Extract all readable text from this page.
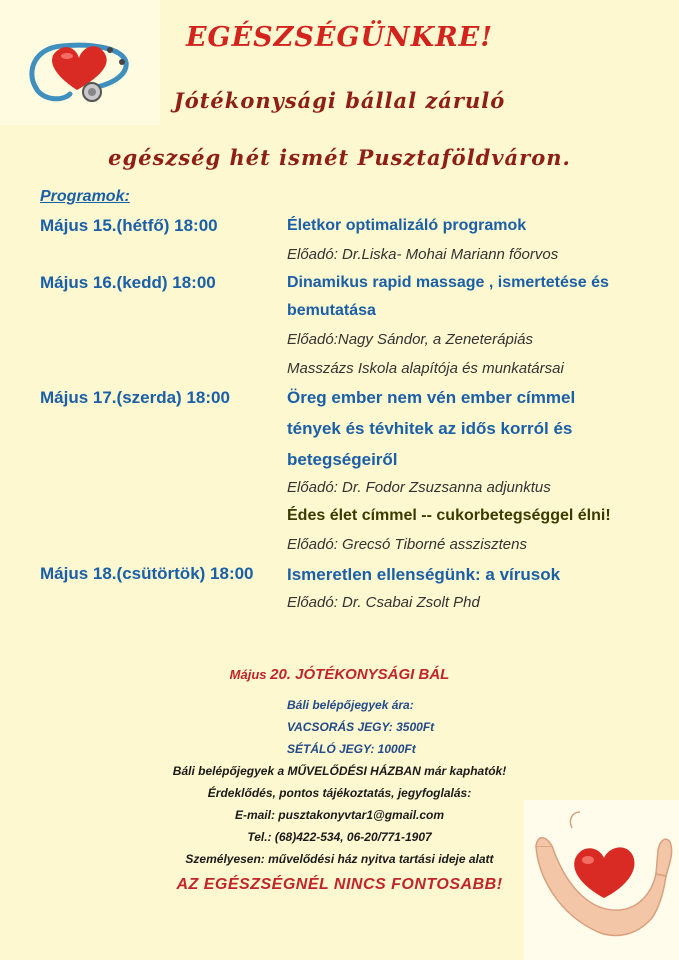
EGÉSZSÉGÜNKRE!
Jótékonysági bállal záruló
egészség hét ismét Pusztaföldváron.
Programok:
Május 15.(hétfő) 18:00	Életkor optimalizáló programok
Előadó: Dr.Liska- Mohai Mariann főorvos
Május 16.(kedd) 18:00	Dinamikus rapid massage , ismertetése és
bemutatása
Előadó:Nagy Sándor, a Zeneterápiás
Masszázs Iskola alapítója és munkatársai
Május 17.(szerda) 18:00	Öreg ember nem vén ember címmel
tények és tévhitek az idős korról és
betegségeiről
Előadó: Dr. Fodor Zsuzsanna adjunktus
Édes élet címmel -- cukorbetegséggel élni!
Előadó: Grecsó Tiborné asszisztens
Május 18.(csütörtök) 18:00 Ismeretlen ellenségünk: a vírusok
Előadó: Dr. Csabai Zsolt Phd
Május 20. JÓTÉKONYSÁGI BÁL
Báli belépőjegyek ára:
VACSORÁS JEGY: 3500Ft
SÉTÁLÓ JEGY: 1000Ft
Báli belépőjegyek a MŰVELŐDÉSI HÁZBAN már kaphatók!
Érdeklődés, pontos tájékoztatás, jegyfoglalás:
E-mail: pusztakonyvtar1@gmail.com
Tel.: (68)422-534, 06-20/771-1907
Személyesen: művelődési ház nyitva tartási ideje alatt
AZ EGÉSZSÉGNÉL NINCS FONTOSABB!
